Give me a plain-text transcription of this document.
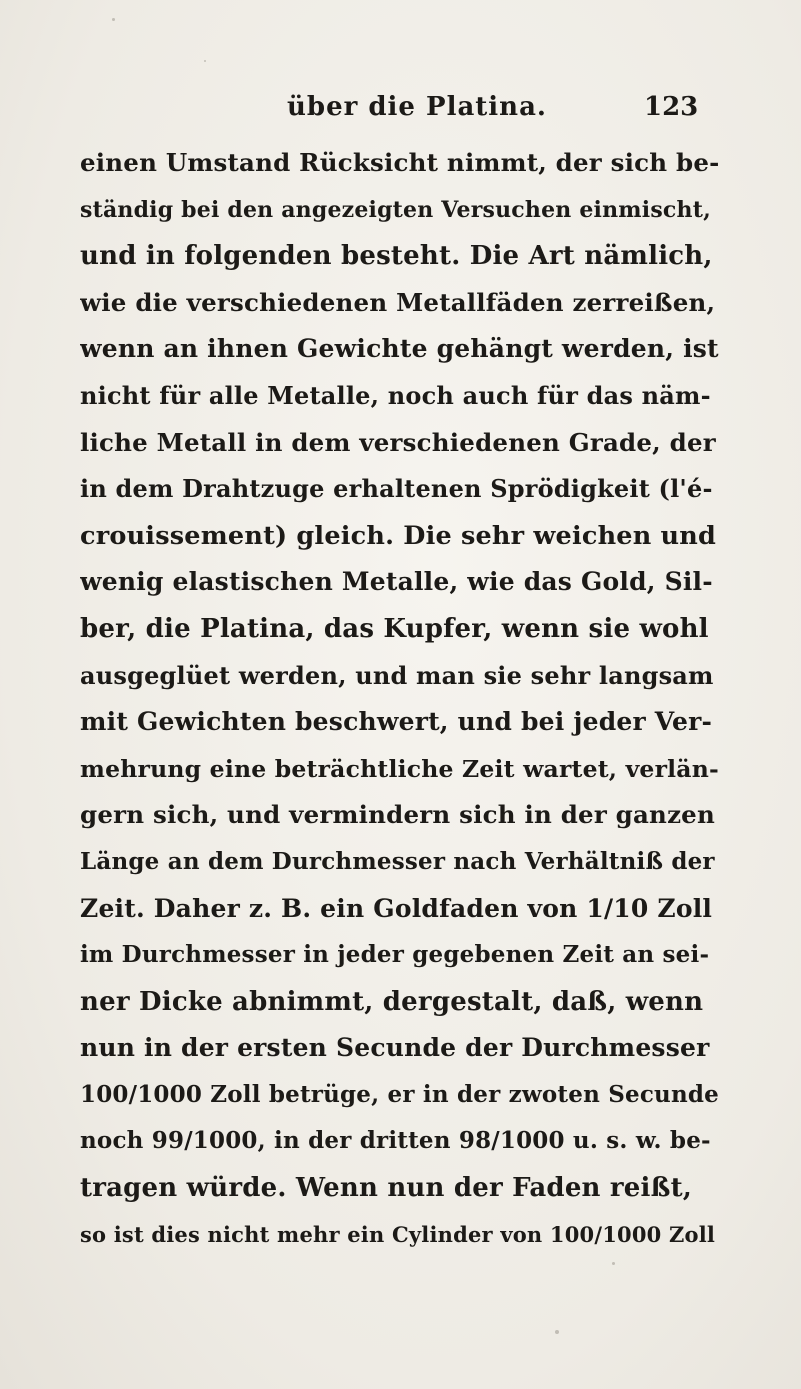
über die Platina.	123
einen Umstand Rücksicht nimmt, der sich be-
ständig bei den angezeigten Versuchen einmischt,
und in folgenden besteht. Die Art nämlich,
wie die verschiedenen Metallfäden zerreißen,
wenn an ihnen Gewichte gehängt werden, ist
nicht für alle Metalle, noch auch für das näm-
liche Metall in dem verschiedenen Grade, der
in dem Drahtzuge erhaltenen Sprödigkeit (l'é-
crouissement) gleich. Die sehr weichen und
wenig elastischen Metalle, wie das Gold, Sil-
ber, die Platina, das Kupfer, wenn sie wohl
ausgeglüet werden, und man sie sehr langsam
mit Gewichten beschwert, und bei jeder Ver-
mehrung eine beträchtliche Zeit wartet, verlän-
gern sich, und vermindern sich in der ganzen
Länge an dem Durchmesser nach Verhältniß der
Zeit. Daher z. B. ein Goldfaden von 1/10 Zoll
im Durchmesser in jeder gegebenen Zeit an sei-
ner Dicke abnimmt, dergestalt, daß, wenn
nun in der ersten Secunde der Durchmesser
100/1000 Zoll betrüge, er in der zwoten Secunde
noch 99/1000, in der dritten 98/1000 u. s. w. be-
tragen würde. Wenn nun der Faden reißt,
so ist dies nicht mehr ein Cylinder von 100/1000 Zoll
